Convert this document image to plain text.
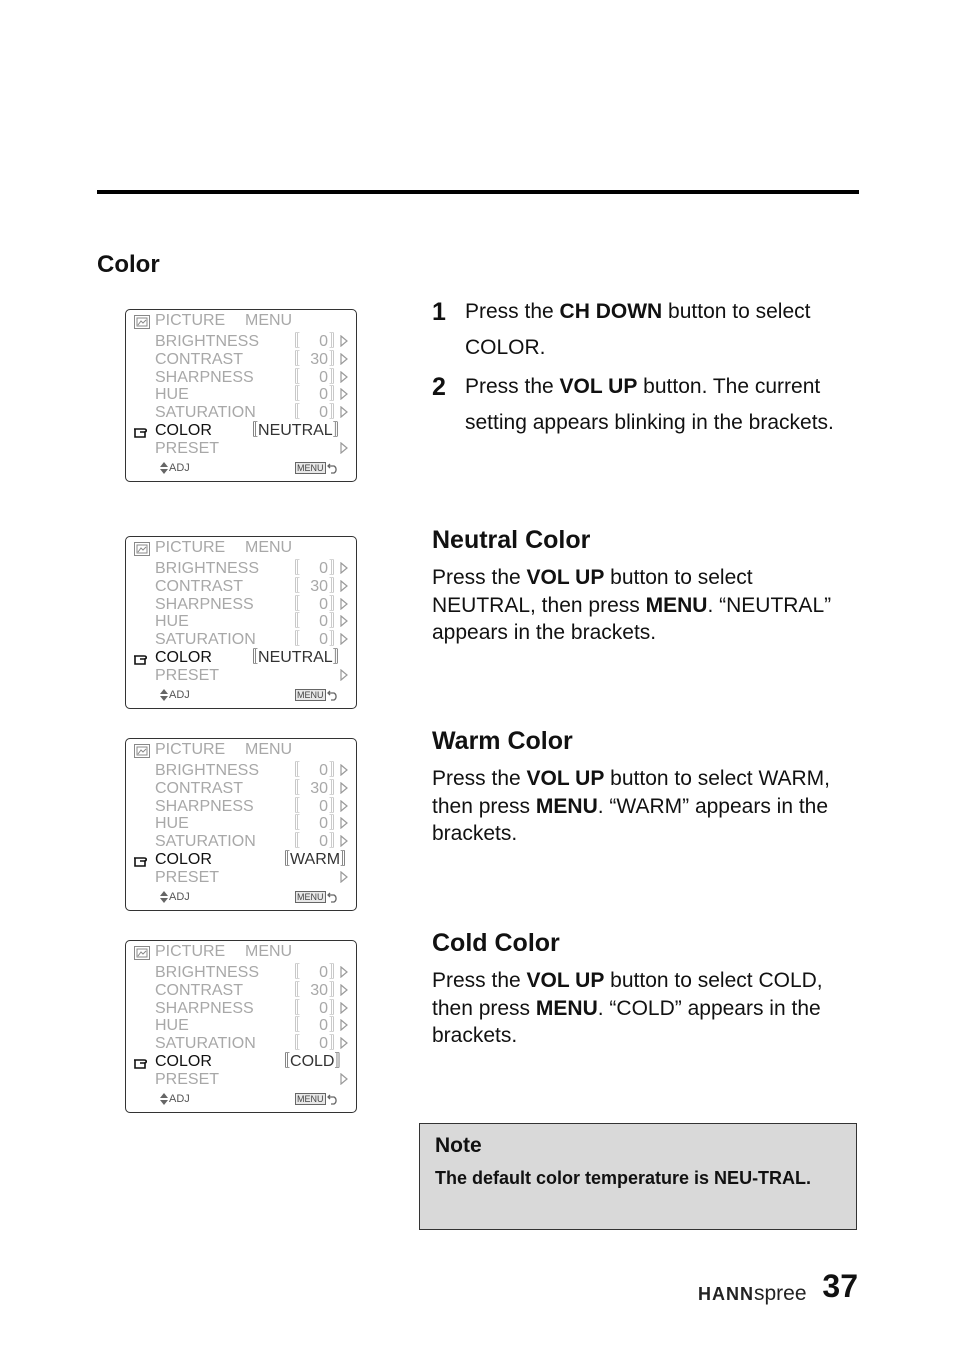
Color
PICTURE MENU
BRIGHTNESS 〚	0 〛
CONTRAST	〚 30 〛
SHARPNESS 〚	0 〛
HUE	〚	0 〛
SATURATION 〚	0 〛
COLOR 〚NEUTRAL〛
PRESET
ADJ	MENU
PICTURE MENU
BRIGHTNESS 〚	0 〛
CONTRAST	〚 30 〛
SHARPNESS 〚	0 〛
HUE	〚	0 〛
SATURATION 〚	0 〛
COLOR 〚NEUTRAL〛
PRESET
ADJ	MENU
PICTURE MENU
BRIGHTNESS 〚	0 〛
CONTRAST	〚 30 〛
SHARPNESS 〚	0 〛
HUE	〚	0 〛
SATURATION 〚	0 〛
COLOR	〚WARM〛
PRESET
ADJ	MENU
PICTURE MENU
BRIGHTNESS 〚	0 〛
CONTRAST	〚 30 〛
SHARPNESS 〚	0 〛
HUE	〚	0 〛
SATURATION 〚	0 〛
COLOR	〚COLD〛
PRESET
ADJ	MENU
1 Press the CH DOWN button to select COLOR.
2 Press the VOL UP button. The current setting appears blinking in the brackets.
Neutral Color

Press the VOL UP button to select NEUTRAL, then press MENU. “NEUTRAL” appears in the brackets.

Warm Color

Press the VOL UP button to select WARM, then press MENU. “WARM” appears in the brackets.

Cold Color

Press the VOL UP button to select COLD, then press MENU. “COLD” appears in the brackets.

Note
The default color temperature is NEU-TRAL.
HANNspree 37
